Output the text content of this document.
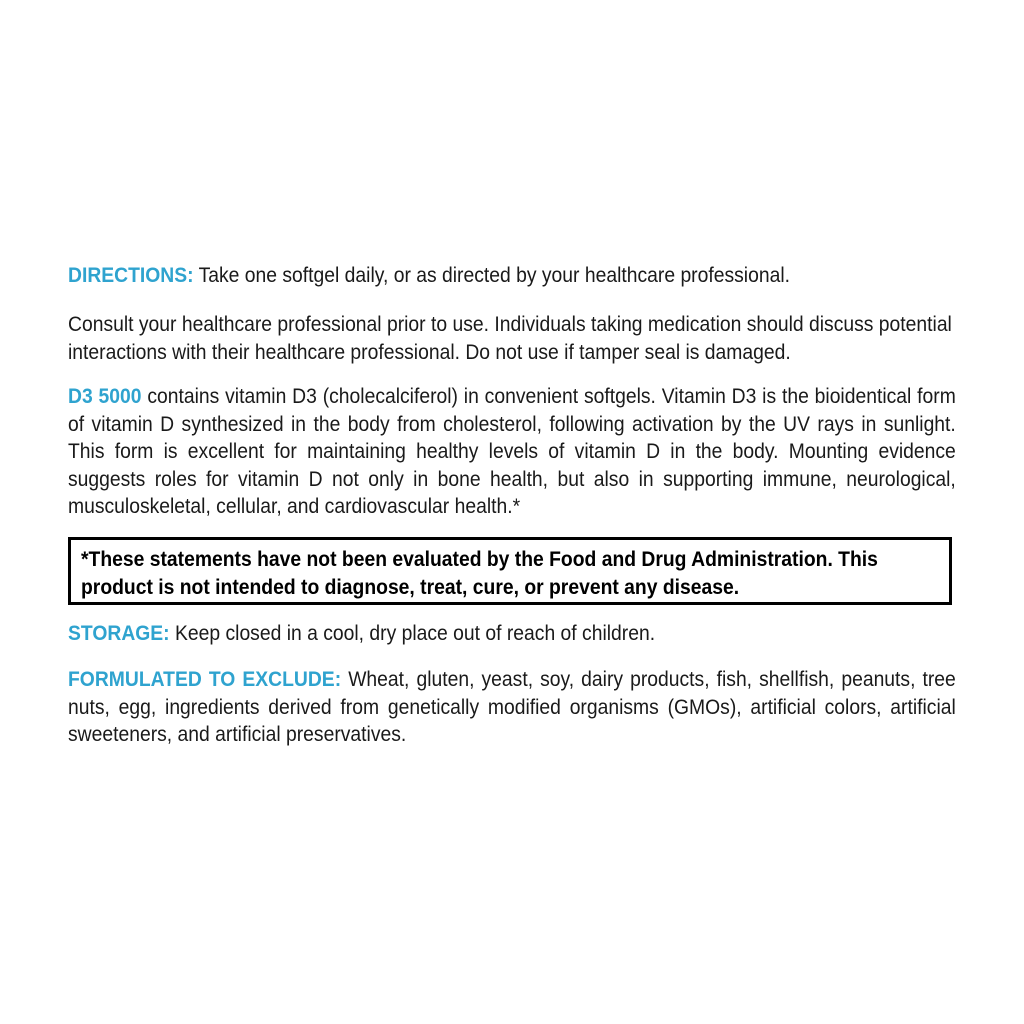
DIRECTIONS: Take one softgel daily, or as directed by your healthcare professional.

Consult your healthcare professional prior to use. Individuals taking medication should discuss potential interactions with their healthcare professional. Do not use if tamper seal is damaged.

D3 5000 contains vitamin D3 (cholecalciferol) in convenient softgels. Vitamin D3 is the bioidentical form of vitamin D synthesized in the body from cholesterol, following activation by the UV rays in sunlight. This form is excellent for maintaining healthy levels of vitamin D in the body. Mounting evidence suggests roles for vitamin D not only in bone health, but also in supporting immune, neurological, musculoskeletal, cellular, and cardiovascular health.*

*These statements have not been evaluated by the Food and Drug Administration. This product is not intended to diagnose, treat, cure, or prevent any disease.

STORAGE: Keep closed in a cool, dry place out of reach of children.

FORMULATED TO EXCLUDE: Wheat, gluten, yeast, soy, dairy products, fish, shellfish, peanuts, tree nuts, egg, ingredients derived from genetically modified organisms (GMOs), artificial colors, artificial sweeteners, and artificial preservatives.
